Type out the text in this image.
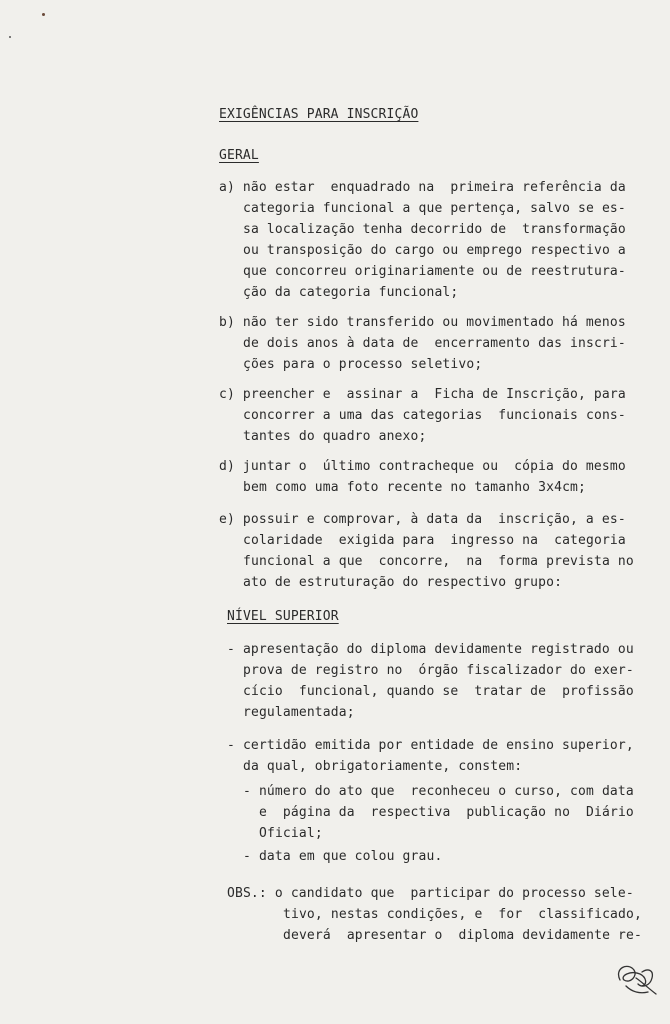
EXIGÊNCIAS PARA INSCRIÇÃO
GERAL
a) não estar  enquadrado na  primeira referência da
categoria funcional a que pertença, salvo se es-
sa localização tenha decorrido de  transformação
ou transposição do cargo ou emprego respectivo a
que concorreu originariamente ou de reestrutura-
ção da categoria funcional;
b) não ter sido transferido ou movimentado há menos
de dois anos à data de  encerramento das inscri-
ções para o processo seletivo;
c) preencher e  assinar a  Ficha de Inscrição, para
concorrer a uma das categorias  funcionais cons-
tantes do quadro anexo;
d) juntar o  último contracheque ou  cópia do mesmo
bem como uma foto recente no tamanho 3x4cm;
e) possuir e comprovar, à data da  inscrição, a es-
colaridade  exigida para  ingresso na  categoria
funcional a que  concorre,  na  forma prevista no
ato de estruturação do respectivo grupo:
NÍVEL SUPERIOR
- apresentação do diploma devidamente registrado ou
prova de registro no  órgão fiscalizador do exer-
cício  funcional, quando se  tratar de  profissão
regulamentada;
- certidão emitida por entidade de ensino superior,
da qual, obrigatoriamente, constem:
- número do ato que  reconheceu o curso, com data
e  página da  respectiva  publicação no  Diário
Oficial;
- data em que colou grau.
OBS.: o candidato que  participar do processo sele-
tivo, nestas condições, e  for  classificado,
deverá  apresentar o  diploma devidamente re-
